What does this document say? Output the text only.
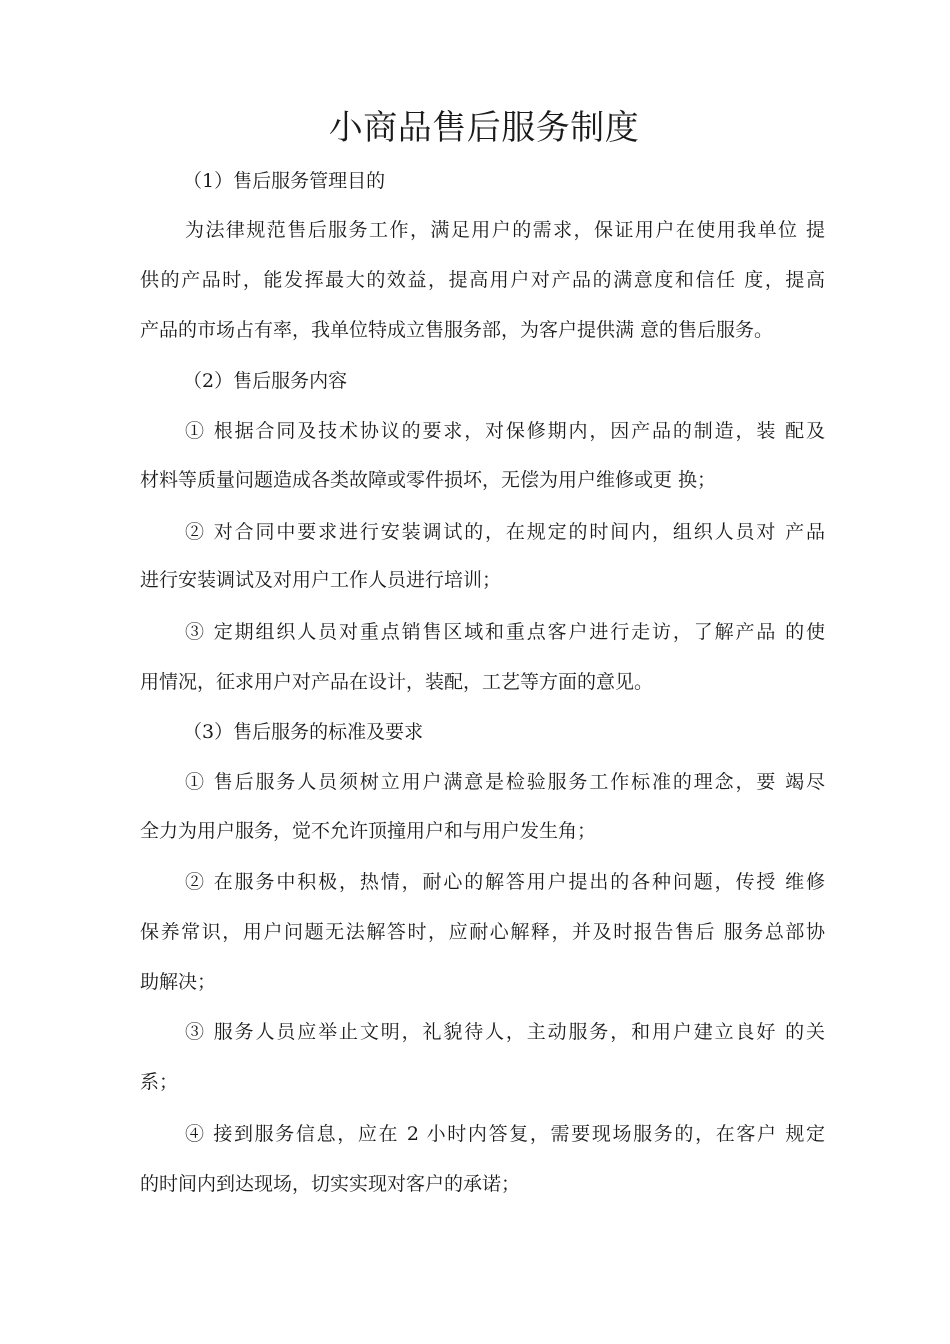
小商品售后服务制度
（1）售后服务管理目的
为法律规范售后服务工作，满足用户的需求，保证用户在使用我单位 提
供的产品时，能发挥最大的效益，提高用户对产品的满意度和信任 度，提高
产品的市场占有率，我单位特成立售服务部，为客户提供满 意的售后服务。
（2）售后服务内容
① 根据合同及技术协议的要求，对保修期内，因产品的制造，装 配及
材料等质量问题造成各类故障或零件损坏，无偿为用户维修或更 换；
② 对合同中要求进行安装调试的，在规定的时间内，组织人员对 产品
进行安装调试及对用户工作人员进行培训；
③ 定期组织人员对重点销售区域和重点客户进行走访，了解产品 的使
用情况，征求用户对产品在设计，装配，工艺等方面的意见。
（3）售后服务的标准及要求
① 售后服务人员须树立用户满意是检验服务工作标准的理念，要 竭尽
全力为用户服务，觉不允许顶撞用户和与用户发生角；
② 在服务中积极，热情，耐心的解答用户提出的各种问题，传授 维修
保养常识，用户问题无法解答时，应耐心解释，并及时报告售后 服务总部协
助解决；
③ 服务人员应举止文明，礼貌待人，主动服务，和用户建立良好 的关
系；
④ 接到服务信息，应在 2 小时内答复，需要现场服务的，在客户 规定
的时间内到达现场，切实实现对客户的承诺；
